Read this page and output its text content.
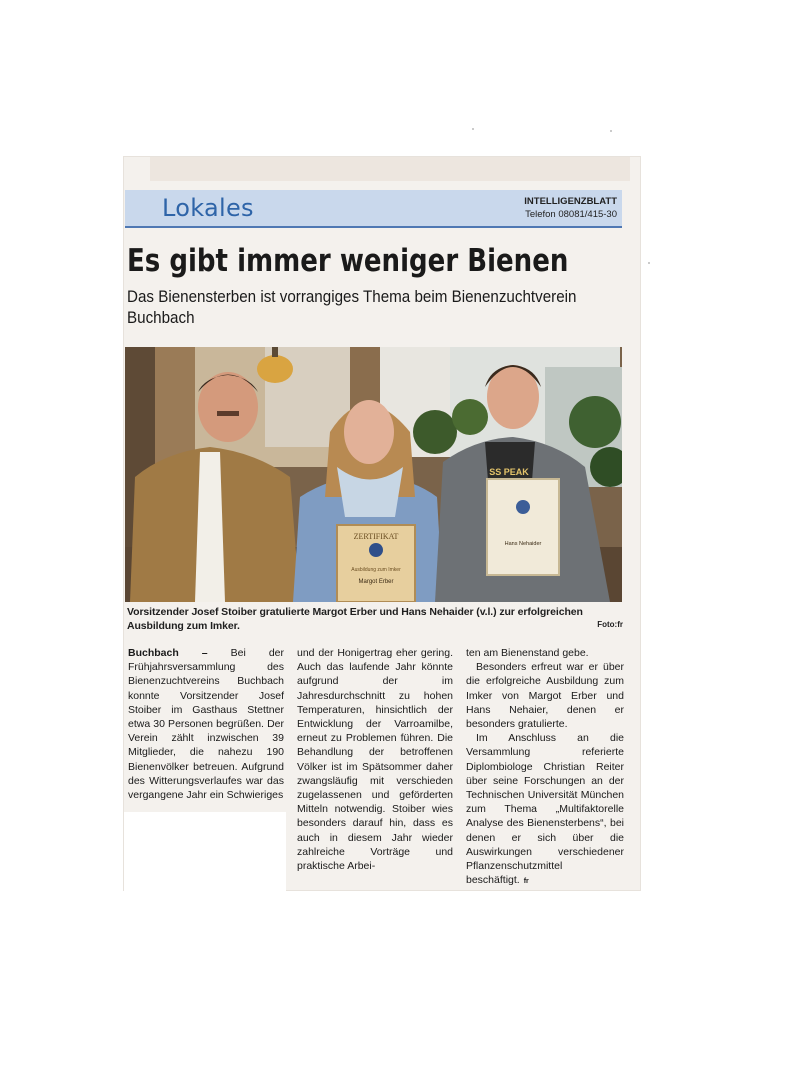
Lokales	INTELLIGENZBLATT
Telefon 08081/415-30
Es gibt immer weniger Bienen
Das Bienensterben ist vorrangiges Thema beim Bienenzuchtverein Buchbach
ZERTIFIKAT
Ausbildung zum Imker
Margot Erber
SS PEAK
Hans Nehaider
Vorsitzender Josef Stoiber gratulierte Margot Erber und Hans Nehaider (v.l.) zur erfolgreichen Ausbildung zum Imker.	Foto:fr

Buchbach – Bei der Frühjahrsversammlung des Bienenzuchtvereins Buchbach konnte Vorsitzender Josef Stoiber im Gasthaus Stettner etwa 30 Personen begrüßen. Der Verein zählt inzwischen 39 Mitglieder, die nahezu 190 Bienenvölker betreuen. Aufgrund des Witterungsverlaufes war das vergangene Jahr ein Schwieriges

und der Honigertrag eher gering. Auch das laufende Jahr könnte aufgrund der im Jahresdurchschnitt zu hohen Temperaturen, hinsichtlich der Entwicklung der Varroamilbe, erneut zu Problemen führen. Die Behandlung der betroffenen Völker ist im Spätsommer daher zwangsläufig mit verschieden zugelassenen und geförderten Mitteln notwendig. Stoiber wies besonders darauf hin, dass es auch in diesem Jahr wieder zahlreiche Vorträge und praktische Arbei-

ten am Bienenstand gebe.

Besonders erfreut war er über die erfolgreiche Ausbildung zum Imker von Margot Erber und Hans Nehaier, denen er besonders gratulierte.

Im Anschluss an die Versammlung referierte Diplombiologe Christian Reiter über seine Forschungen an der Technischen Universität München zum Thema „Multifaktorelle Analyse des Bienensterbens“, bei denen er sich über die Auswirkungen verschiedener Pflanzenschutzmittel beschäftigt. fr
